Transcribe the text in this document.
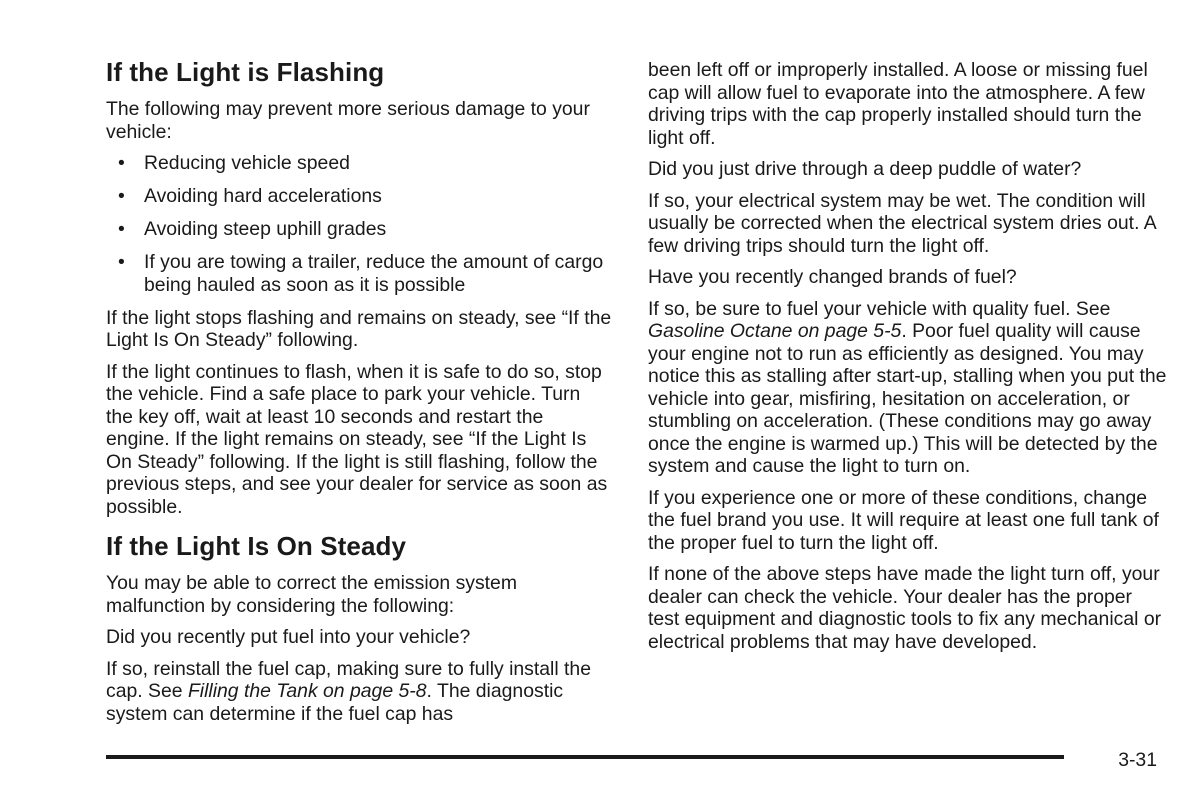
If the Light is Flashing

The following may prevent more serious damage to your vehicle:

• Reducing vehicle speed
• Avoiding hard accelerations
• Avoiding steep uphill grades
• If you are towing a trailer, reduce the amount of cargo being hauled as soon as it is possible

If the light stops flashing and remains on steady, see “If the Light Is On Steady” following.

If the light continues to flash, when it is safe to do so, stop the vehicle. Find a safe place to park your vehicle. Turn the key off, wait at least 10 seconds and restart the engine. If the light remains on steady, see “If the Light Is On Steady” following. If the light is still flashing, follow the previous steps, and see your dealer for service as soon as possible.

If the Light Is On Steady

You may be able to correct the emission system malfunction by considering the following:

Did you recently put fuel into your vehicle?

If so, reinstall the fuel cap, making sure to fully install the cap. See Filling the Tank on page 5-8. The diagnostic system can determine if the fuel cap has

been left off or improperly installed. A loose or missing fuel cap will allow fuel to evaporate into the atmosphere. A few driving trips with the cap properly installed should turn the light off.

Did you just drive through a deep puddle of water?

If so, your electrical system may be wet. The condition will usually be corrected when the electrical system dries out. A few driving trips should turn the light off.

Have you recently changed brands of fuel?

If so, be sure to fuel your vehicle with quality fuel. See Gasoline Octane on page 5-5. Poor fuel quality will cause your engine not to run as efficiently as designed. You may notice this as stalling after start-up, stalling when you put the vehicle into gear, misfiring, hesitation on acceleration, or stumbling on acceleration. (These conditions may go away once the engine is warmed up.) This will be detected by the system and cause the light to turn on.

If you experience one or more of these conditions, change the fuel brand you use. It will require at least one full tank of the proper fuel to turn the light off.

If none of the above steps have made the light turn off, your dealer can check the vehicle. Your dealer has the proper test equipment and diagnostic tools to fix any mechanical or electrical problems that may have developed.

3-31
